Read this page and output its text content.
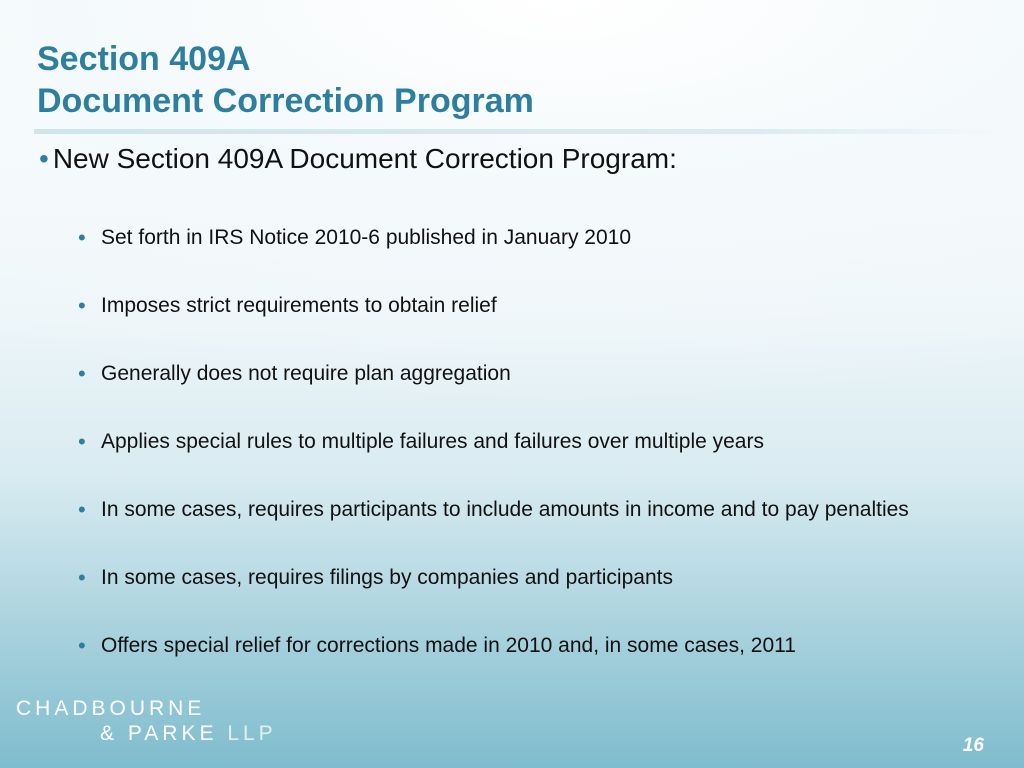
Section 409A
Document Correction Program
• New Section 409A Document Correction Program:
• Set forth in IRS Notice 2010-6 published in January 2010
• Imposes strict requirements to obtain relief
• Generally does not require plan aggregation
• Applies special rules to multiple failures and failures over multiple years
• In some cases, requires participants to include amounts in income and to pay penalties
• In some cases, requires filings by companies and participants
• Offers special relief for corrections made in 2010 and, in some cases, 2011
CHADBOURNE
& PARKE LLP
16
